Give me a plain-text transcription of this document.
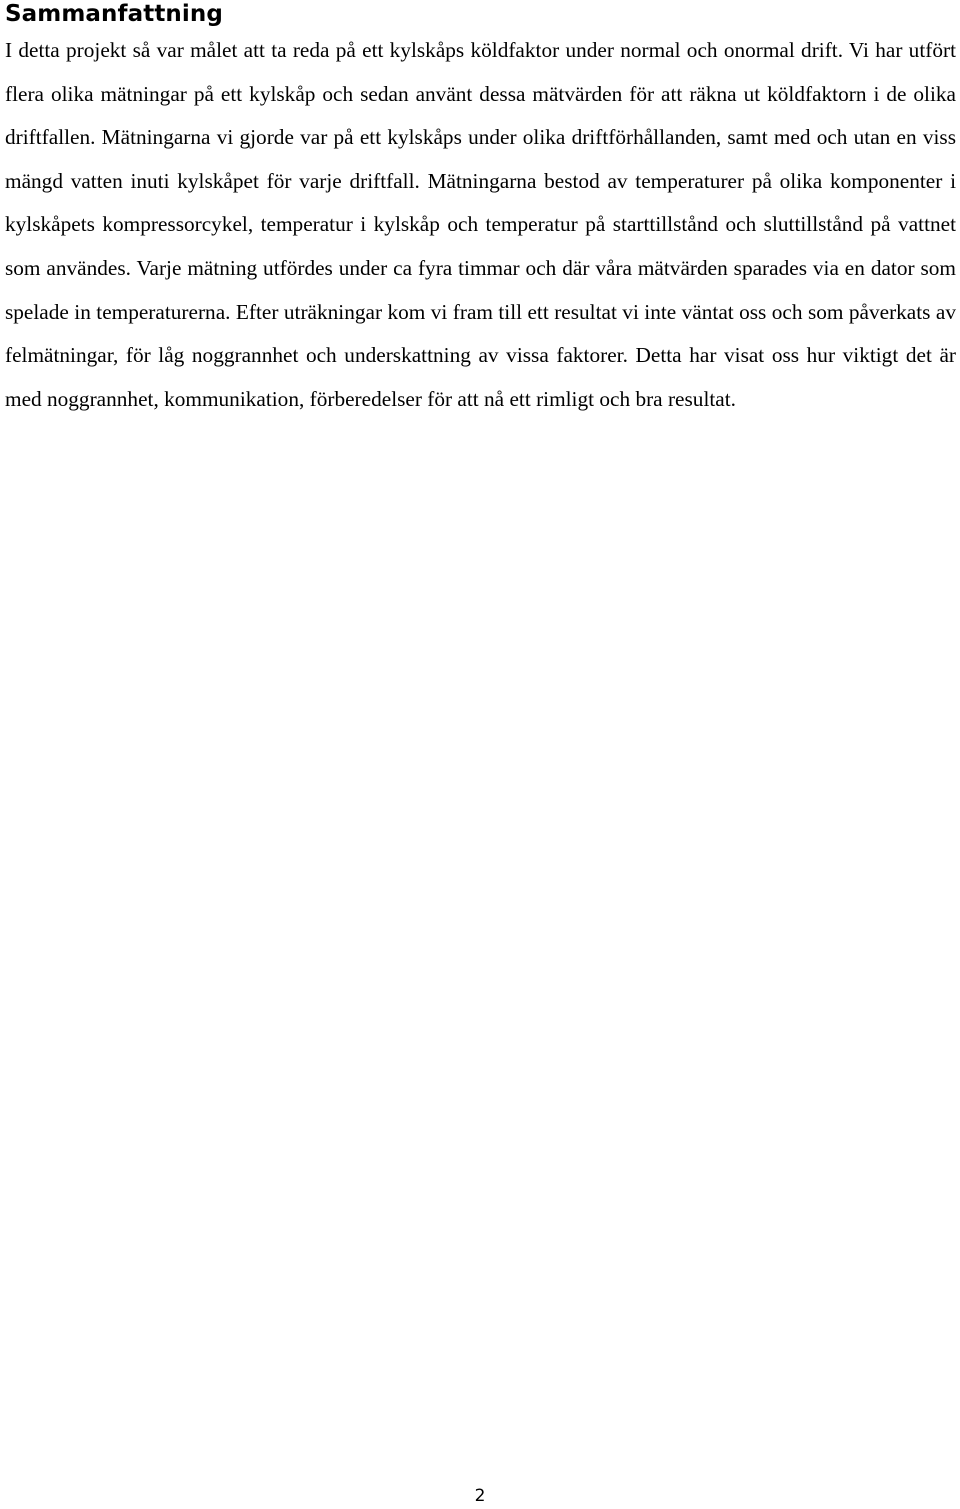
Sammanfattning

I detta projekt så var målet att ta reda på ett kylskåps köldfaktor under normal och onormal drift. Vi har utfört flera olika mätningar på ett kylskåp och sedan använt dessa mätvärden för att räkna ut köldfaktorn i de olika driftfallen. Mätningarna vi gjorde var på ett kylskåps under olika driftförhållanden, samt med och utan en viss mängd vatten inuti kylskåpet för varje driftfall. Mätningarna bestod av temperaturer på olika komponenter i kylskåpets kompressorcykel, temperatur i kylskåp och temperatur på starttillstånd och sluttillstånd på vattnet som användes. Varje mätning utfördes under ca fyra timmar och där våra mätvärden sparades via en dator som spelade in temperaturerna. Efter uträkningar kom vi fram till ett resultat vi inte väntat oss och som påverkats av felmätningar, för låg noggrannhet och underskattning av vissa faktorer. Detta har visat oss hur viktigt det är med noggrannhet, kommunikation, förberedelser för att nå ett rimligt och bra resultat.

2
